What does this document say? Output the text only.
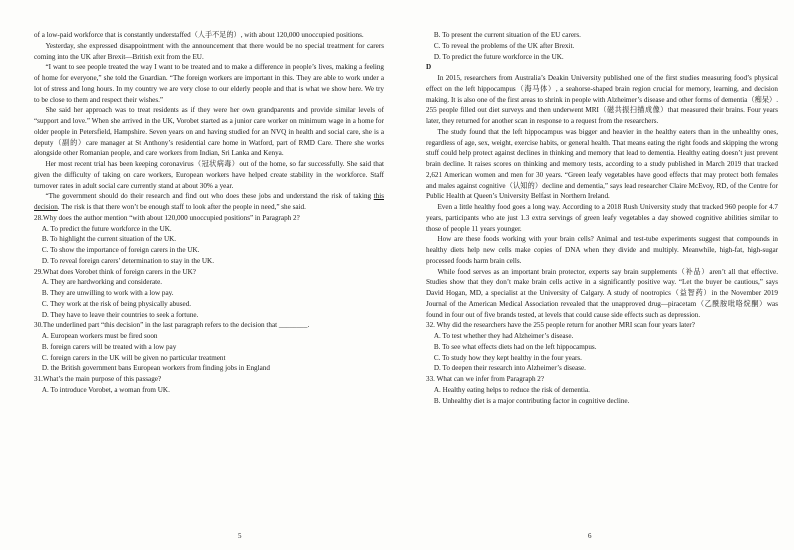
of a low-paid workforce that is constantly understaffed（人手不足的）, with about 120,000 unoccupied positions.

Yesterday, she expressed disappointment with the announcement that there would be no special treatment for carers coming into the UK after Brexit—British exit from the EU.

“I want to see people treated the way I want to be treated and to make a difference in people’s lives, making a feeling of home for everyone,” she told the Guardian. “The foreign workers are important in this. They are able to work under a lot of stress and long hours. In my country we are very close to our elderly people and that is what we show here. We try to be close to them and respect their wishes.”

She said her approach was to treat residents as if they were her own grandparents and provide similar levels of “support and love.” When she arrived in the UK, Vorobet started as a junior care worker on minimum wage in a home for older people in Petersfield, Hampshire. Seven years on and having studied for an NVQ in health and social care, she is a deputy（副的）care manager at St Anthony’s residential care home in Watford, part of RMD Care. There she works alongside other Romanian people, and care workers from Indian, Sri Lanka and Kenya.

Her most recent trial has been keeping coronavirus（冠状病毒）out of the home, so far successfully. She said that given the difficulty of taking on care workers, European workers have helped create stability in the workforce. Staff turnover rates in adult social care currently stand at about 30% a year.

“The government should do their research and find out who does these jobs and understand the risk of taking this decision. The risk is that there won’t be enough staff to look after the people in need,” she said.

28.Why does the author mention “with about 120,000 unoccupied positions” in Paragraph 2?

A. To predict the future workforce in the UK.

B. To highlight the current situation of the UK.

C. To show the importance of foreign carers in the UK.

D. To reveal foreign carers’ determination to stay in the UK.

29.What does Vorobet think of foreign carers in the UK?

A. They are hardworking and considerate.

B. They are unwilling to work with a low pay.

C. They work at the risk of being physically abused.

D. They have to leave their countries to seek a fortune.

30.The underlined part “this decision” in the last paragraph refers to the decision that ________.

A. European workers must be fired soon

B. foreign carers will be treated with a low pay

C. foreign carers in the UK will be given no particular treatment

D. the British government bans European workers from finding jobs in England

31.What’s the main purpose of this passage?

A. To introduce Vorobet, a woman from UK.

B. To present the current situation of the EU carers.

C. To reveal the problems of the UK after Brexit.

D. To predict the future workforce in the UK.

D

In 2015, researchers from Australia’s Deakin University published one of the first studies measuring food’s physical effect on the left hippocampus（海马体）, a seahorse-shaped brain region crucial for memory, learning, and decision making. It is also one of the first areas to shrink in people with Alzheimer’s disease and other forms of dementia（痴呆）. 255 people filled out diet surveys and then underwent MRI（磁共振扫描成像）that measured their brains. Four years later, they returned for another scan in response to a request from the researchers.

The study found that the left hippocampus was bigger and heavier in the healthy eaters than in the unhealthy ones, regardless of age, sex, weight, exercise habits, or general health. That means eating the right foods and skipping the wrong stuff could help protect against declines in thinking and memory that lead to dementia. Healthy eating doesn’t just prevent brain decline. It raises scores on thinking and memory tests, according to a study published in March 2019 that tracked 2,621 American women and men for 30 years. “Green leafy vegetables have good effects that may protect both females and males against cognitive（认知的）decline and dementia,” says lead researcher Claire McEvoy, RD, of the Centre for Public Health at Queen’s University Belfast in Northern Ireland.

Even a little healthy food goes a long way. According to a 2018 Rush University study that tracked 960 people for 4.7 years, participants who ate just 1.3 extra servings of green leafy vegetables a day showed cognitive abilities similar to those of people 11 years younger.

How are these foods working with your brain cells? Animal and test-tube experiments suggest that compounds in healthy diets help new cells make copies of DNA when they divide and multiply. Meanwhile, high-fat, high-sugar processed foods harm brain cells.

While food serves as an important brain protector, experts say brain supplements（补品）aren’t all that effective. Studies show that they don’t make brain cells active in a significantly positive way. “Let the buyer be cautious,” says David Hogan, MD, a specialist at the University of Calgary. A study of nootropics（益智药）in the November 2019 Journal of the American Medical Association revealed that the unapproved drug—piracetam（乙酰胺吡咯烷酮）was found in four out of five brands tested, at levels that could cause side effects such as depression.

32. Why did the researchers have the 255 people return for another MRI scan four years later?

A. To test whether they had Alzheimer’s disease.

B. To see what effects diets had on the left hippocampus.

C. To study how they kept healthy in the four years.

D. To deepen their research into Alzheimer’s disease.

33. What can we infer from Paragraph 2?

A. Healthy eating helps to reduce the risk of dementia.

B. Unhealthy diet is a major contributing factor in cognitive decline.

5	6
